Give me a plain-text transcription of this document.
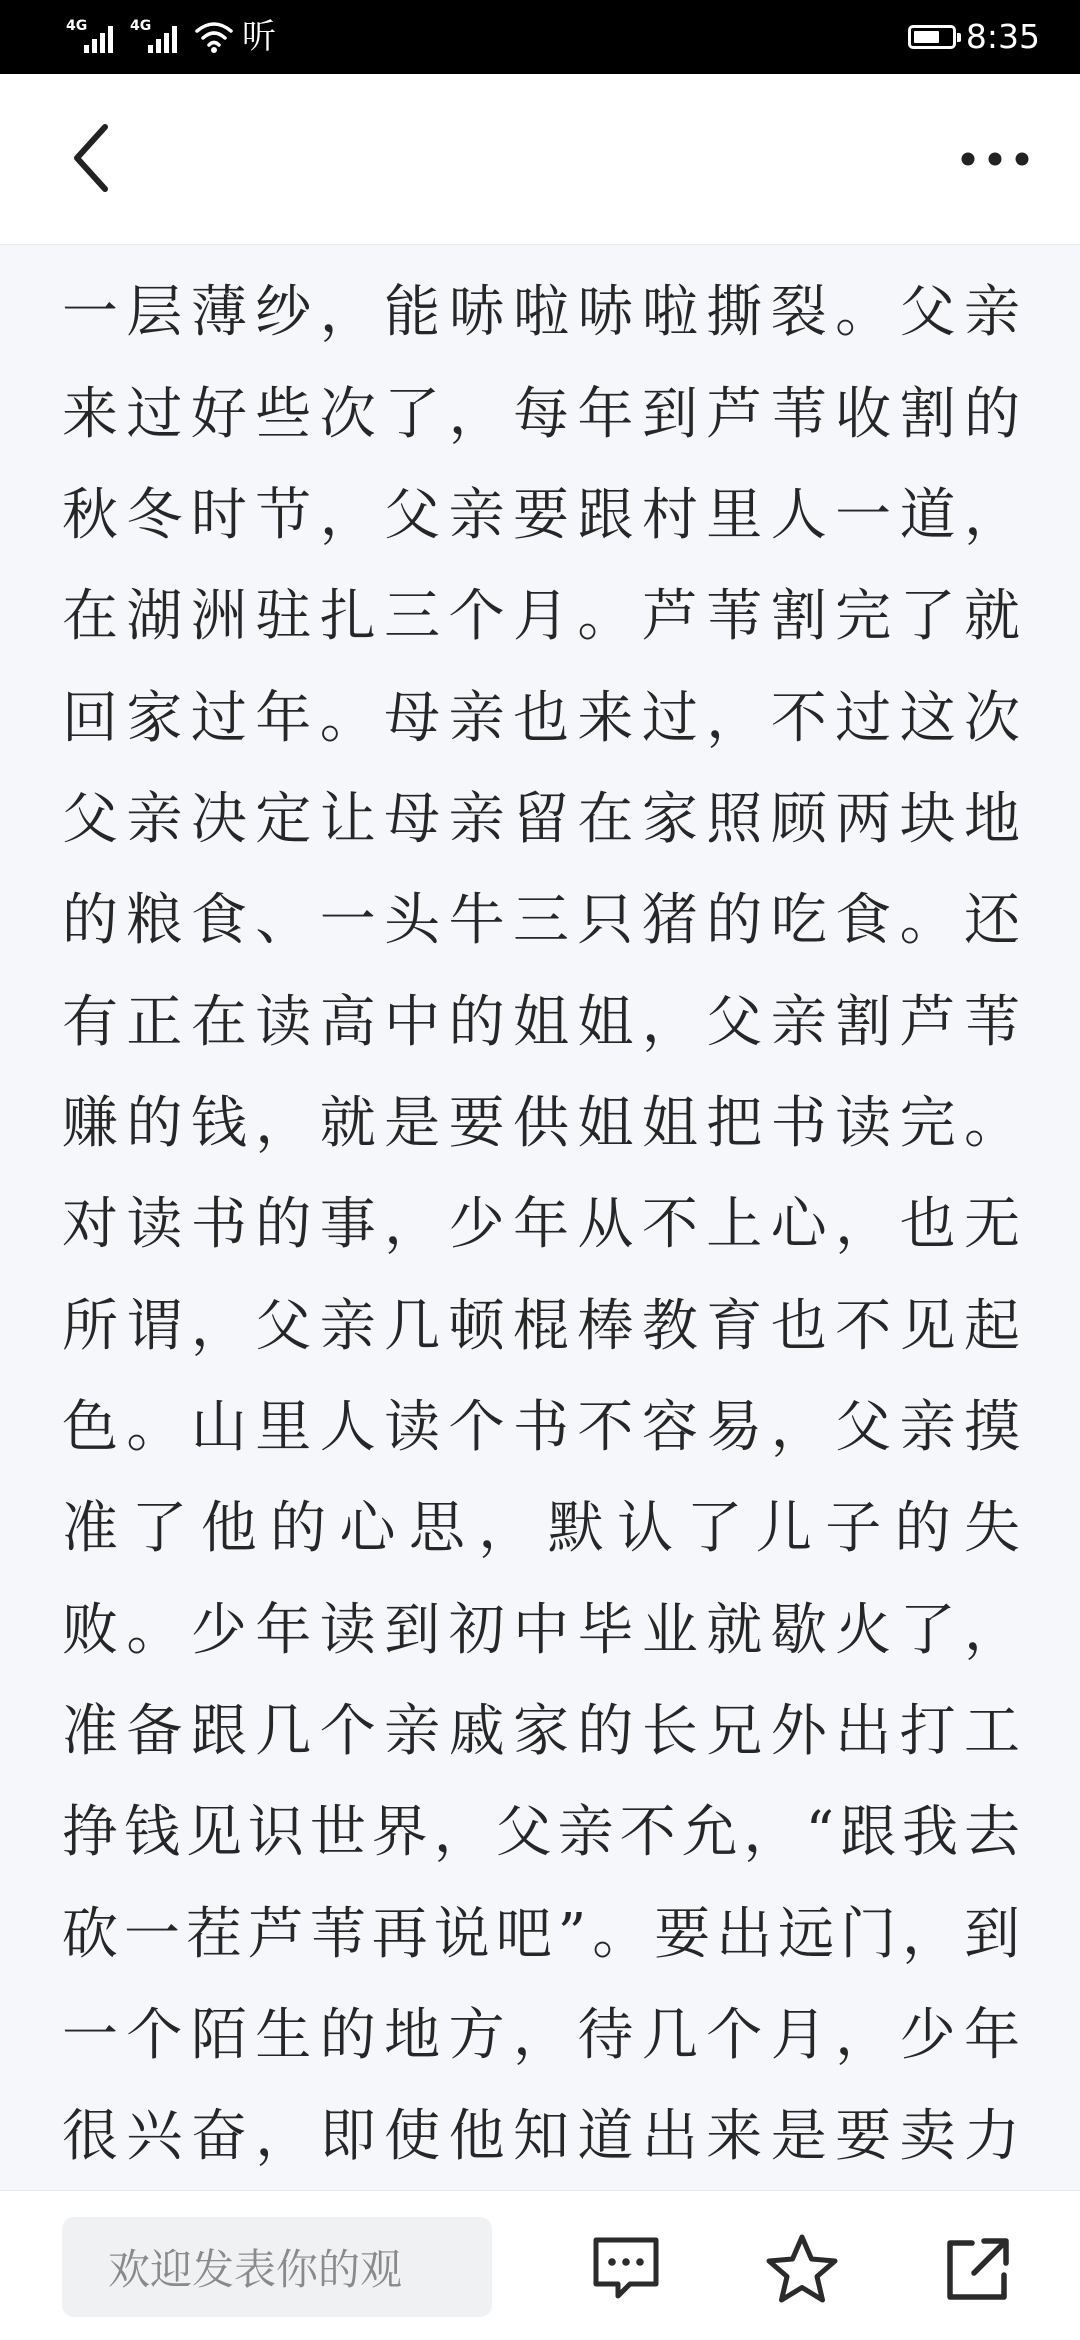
4G	4G	听	8:35
一层薄纱，能哧啦哧啦撕裂。父亲
来过好些次了，每年到芦苇收割的
秋冬时节，父亲要跟村里人一道，
在湖洲驻扎三个月。芦苇割完了就
回家过年。母亲也来过，不过这次
父亲决定让母亲留在家照顾两块地
的粮食、一头牛三只猪的吃食。还
有正在读高中的姐姐，父亲割芦苇
赚的钱，就是要供姐姐把书读完。
对读书的事，少年从不上心，也无
所谓，父亲几顿棍棒教育也不见起
色。山里人读个书不容易，父亲摸
准了他的心思，默认了儿子的失
败。少年读到初中毕业就歇火了，
准备跟几个亲戚家的长兄外出打工
挣钱见识世界，父亲不允，“跟我去
砍一茬芦苇再说吧”。要出远门，到
一个陌生的地方，待几个月，少年
很兴奋，即使他知道出来是要卖力
欢迎发表你的观
